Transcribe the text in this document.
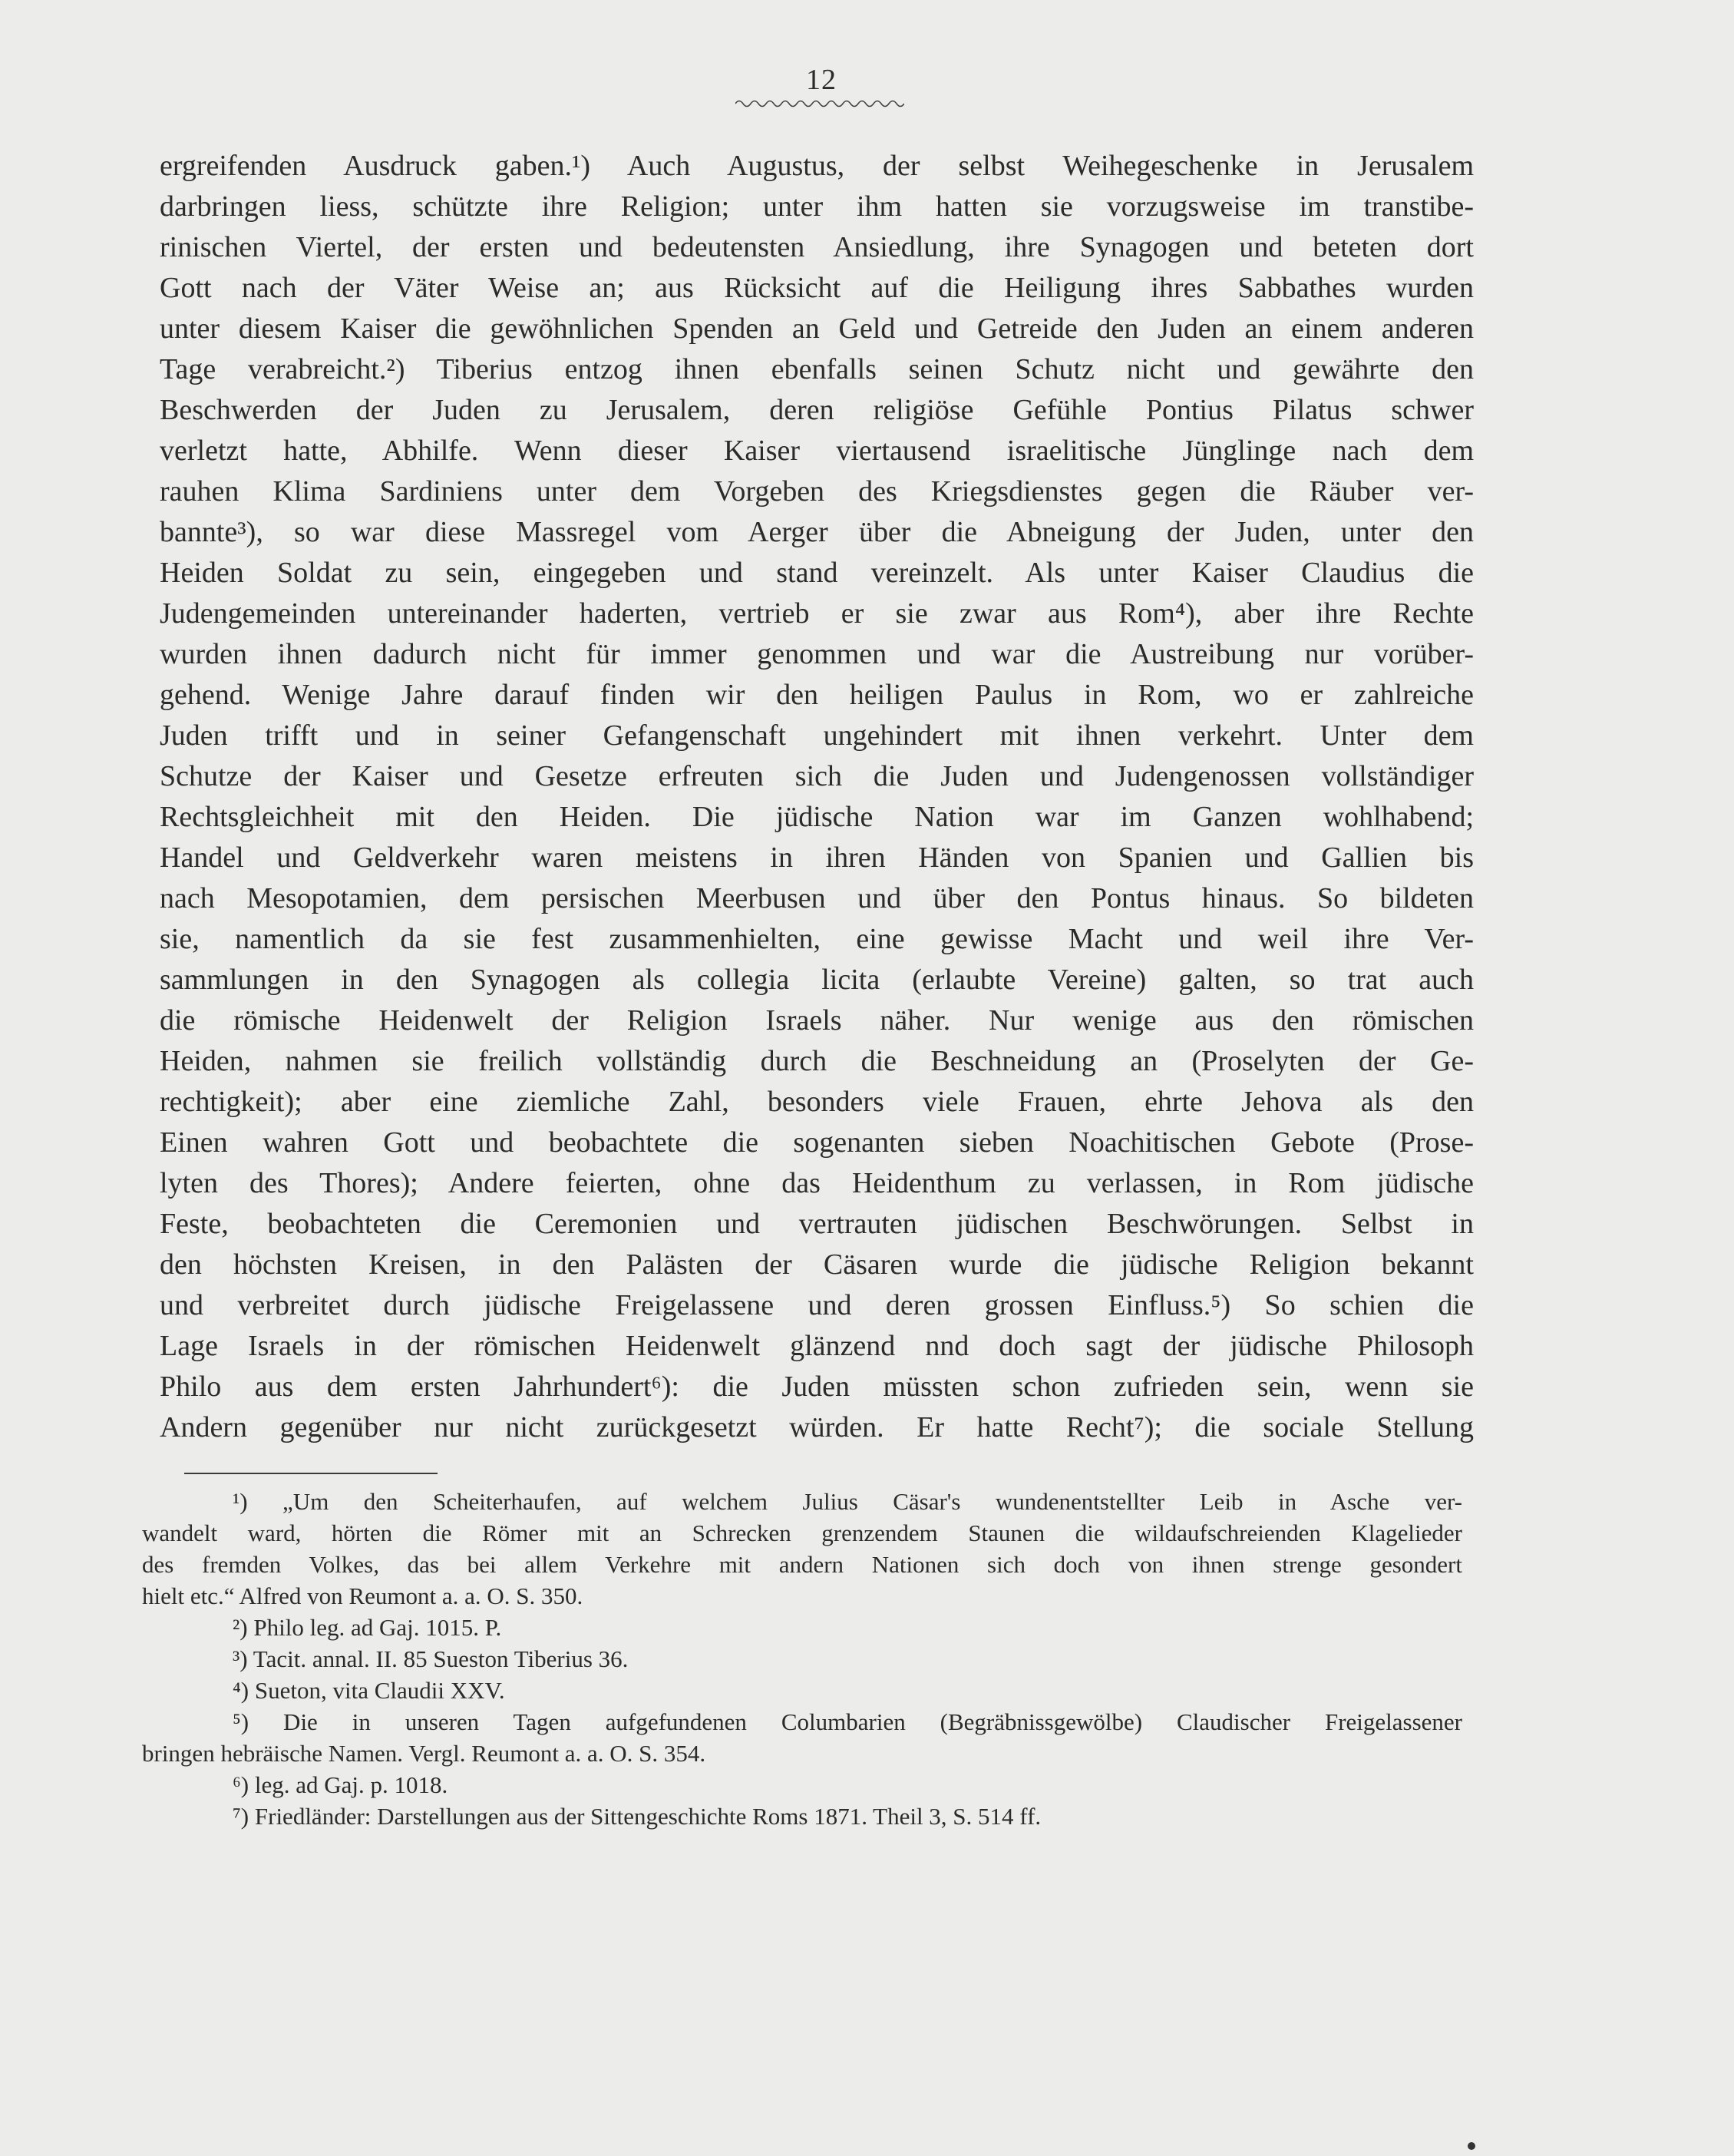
12
ergreifenden Ausdruck gaben.¹) Auch Augustus, der selbst Weihegeschenke in Jerusalem
darbringen liess, schützte ihre Religion; unter ihm hatten sie vorzugsweise im transtibe-
rinischen Viertel, der ersten und bedeutensten Ansiedlung, ihre Synagogen und beteten dort
Gott nach der Väter Weise an; aus Rücksicht auf die Heiligung ihres Sabbathes wurden
unter diesem Kaiser die gewöhnlichen Spenden an Geld und Getreide den Juden an einem anderen
Tage verabreicht.²) Tiberius entzog ihnen ebenfalls seinen Schutz nicht und gewährte den
Beschwerden der Juden zu Jerusalem, deren religiöse Gefühle Pontius Pilatus schwer
verletzt hatte, Abhilfe. Wenn dieser Kaiser viertausend israelitische Jünglinge nach dem
rauhen Klima Sardiniens unter dem Vorgeben des Kriegsdienstes gegen die Räuber ver-
bannte³), so war diese Massregel vom Aerger über die Abneigung der Juden, unter den
Heiden Soldat zu sein, eingegeben und stand vereinzelt. Als unter Kaiser Claudius die
Judengemeinden untereinander haderten, vertrieb er sie zwar aus Rom⁴), aber ihre Rechte
wurden ihnen dadurch nicht für immer genommen und war die Austreibung nur vorüber-
gehend. Wenige Jahre darauf finden wir den heiligen Paulus in Rom, wo er zahlreiche
Juden trifft und in seiner Gefangenschaft ungehindert mit ihnen verkehrt. Unter dem
Schutze der Kaiser und Gesetze erfreuten sich die Juden und Judengenossen vollständiger
Rechtsgleichheit mit den Heiden. Die jüdische Nation war im Ganzen wohlhabend;
Handel und Geldverkehr waren meistens in ihren Händen von Spanien und Gallien bis
nach Mesopotamien, dem persischen Meerbusen und über den Pontus hinaus. So bildeten
sie, namentlich da sie fest zusammenhielten, eine gewisse Macht und weil ihre Ver-
sammlungen in den Synagogen als collegia licita (erlaubte Vereine) galten, so trat auch
die römische Heidenwelt der Religion Israels näher. Nur wenige aus den römischen
Heiden, nahmen sie freilich vollständig durch die Beschneidung an (Proselyten der Ge-
rechtigkeit); aber eine ziemliche Zahl, besonders viele Frauen, ehrte Jehova als den
Einen wahren Gott und beobachtete die sogenanten sieben Noachitischen Gebote (Prose-
lyten des Thores); Andere feierten, ohne das Heidenthum zu verlassen, in Rom jüdische
Feste, beobachteten die Ceremonien und vertrauten jüdischen Beschwörungen. Selbst in
den höchsten Kreisen, in den Palästen der Cäsaren wurde die jüdische Religion bekannt
und verbreitet durch jüdische Freigelassene und deren grossen Einfluss.⁵) So schien die
Lage Israels in der römischen Heidenwelt glänzend nnd doch sagt der jüdische Philosoph
Philo aus dem ersten Jahrhundert⁶): die Juden müssten schon zufrieden sein, wenn sie
Andern gegenüber nur nicht zurückgesetzt würden. Er hatte Recht⁷); die sociale Stellung
¹) „Um den Scheiterhaufen, auf welchem Julius Cäsar's wundenentstellter Leib in Asche ver-
wandelt ward, hörten die Römer mit an Schrecken grenzendem Staunen die wildaufschreienden Klagelieder
des fremden Volkes, das bei allem Verkehre mit andern Nationen sich doch von ihnen strenge gesondert
hielt etc.“ Alfred von Reumont a. a. O. S. 350.
²) Philo leg. ad Gaj. 1015. P.
³) Tacit. annal. II. 85 Sueston Tiberius 36.
⁴) Sueton, vita Claudii XXV.
⁵) Die in unseren Tagen aufgefundenen Columbarien (Begräbnissgewölbe) Claudischer Freigelassener
bringen hebräische Namen. Vergl. Reumont a. a. O. S. 354.
⁶) leg. ad Gaj. p. 1018.
⁷) Friedländer: Darstellungen aus der Sittengeschichte Roms 1871. Theil 3, S. 514 ff.
